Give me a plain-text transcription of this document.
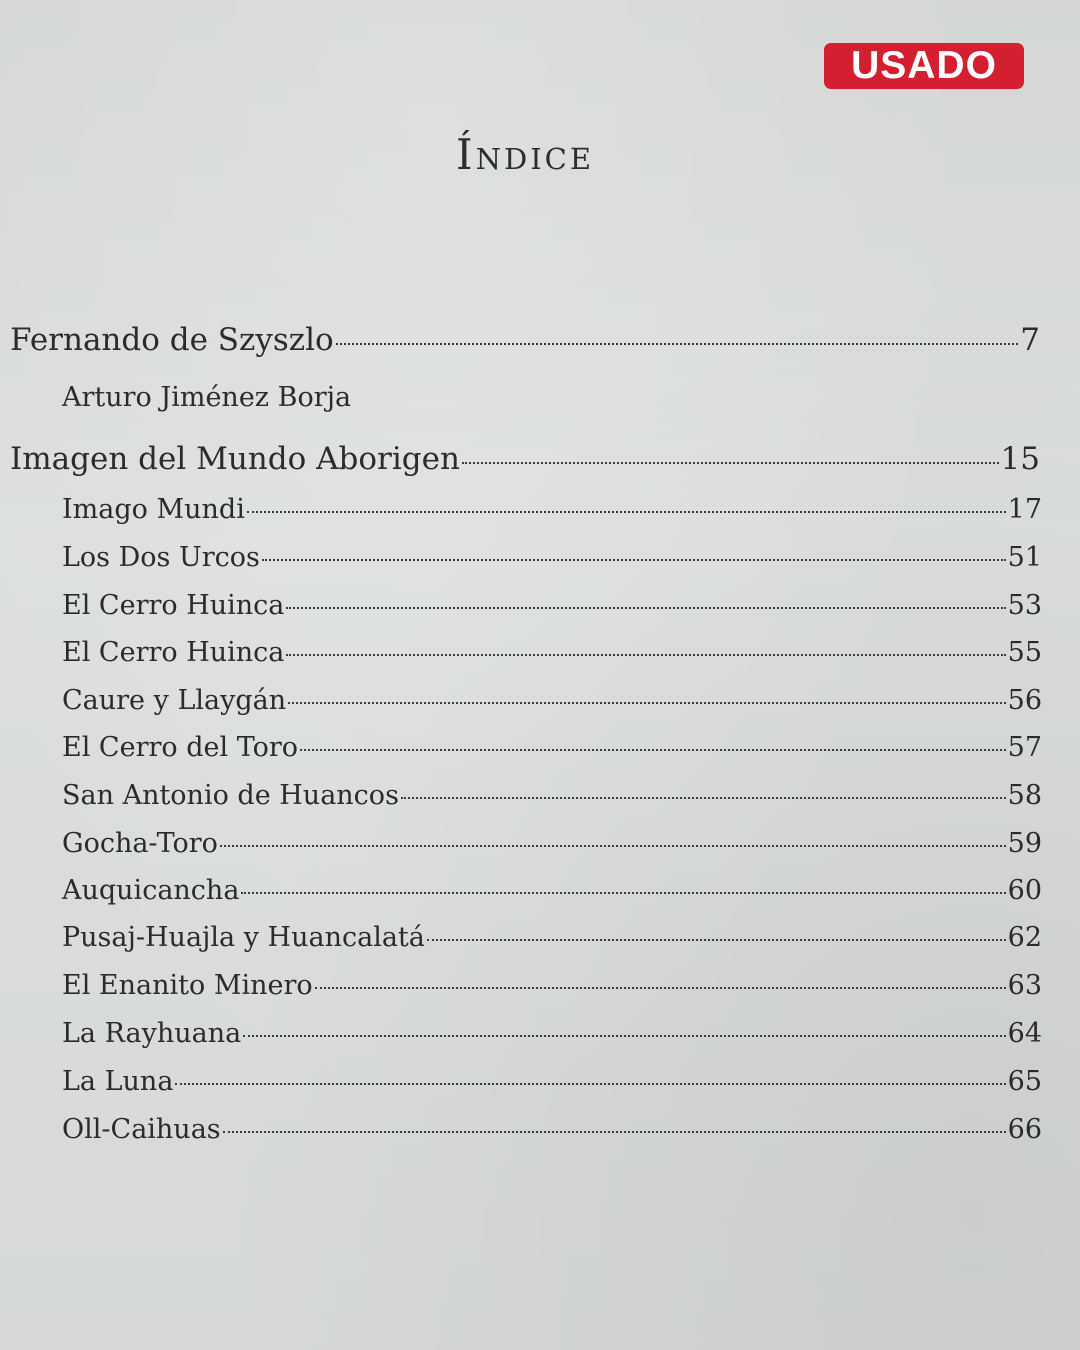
USADO
Índice
Fernando de Szyszlo	7
Arturo Jiménez Borja
Imagen del Mundo Aborigen	15
Imago Mundi	17
Los Dos Urcos	51
El Cerro Huinca	53
El Cerro Huinca	55
Caure y Llaygán	56
El Cerro del Toro	57
San Antonio de Huancos	58
Gocha-Toro	59
Auquicancha	60
Pusaj-Huajla y Huancalatá	62
El Enanito Minero	63
La Rayhuana	64
La Luna	65
Oll-Caihuas	66
